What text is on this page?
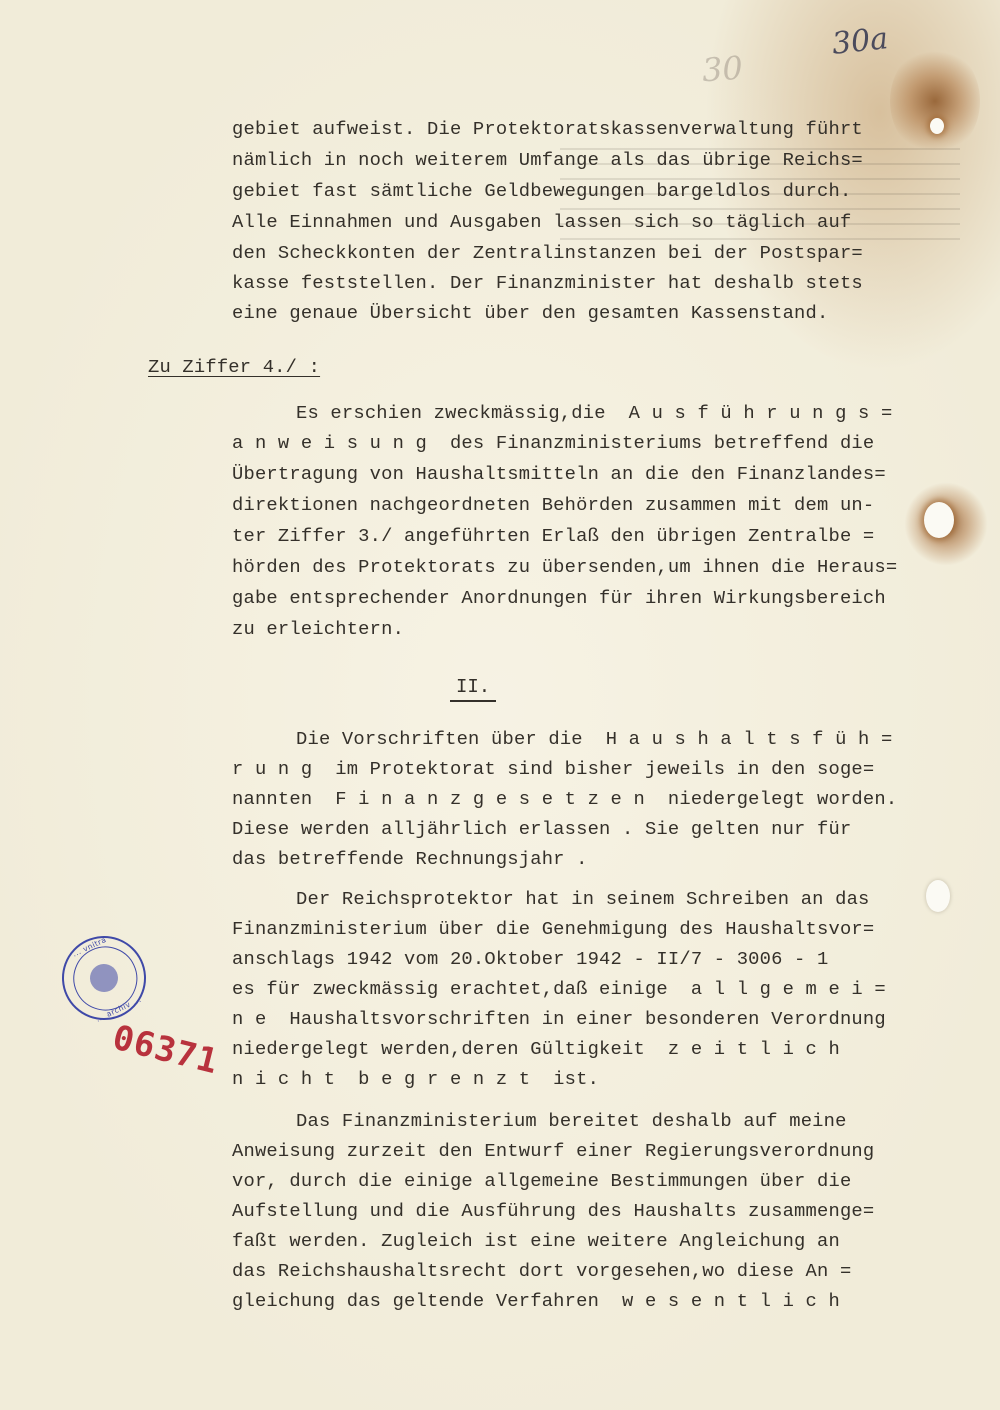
30a
30
gebiet aufweist. Die Protektoratskassenverwaltung führt
nämlich in noch weiterem Umfange als das übrige Reichs=
gebiet fast sämtliche Geldbewegungen bargeldlos durch.
Alle Einnahmen und Ausgaben lassen sich so täglich auf
den Scheckkonten der Zentralinstanzen bei der Postspar=
kasse feststellen. Der Finanzminister hat deshalb stets
eine genaue Übersicht über den gesamten Kassenstand.
Zu Ziffer 4./ :
Es erschien zweckmässig,die  A u s f ü h r u n g s =
a n w e i s u n g  des Finanzministeriums betreffend die
Übertragung von Haushaltsmitteln an die den Finanzlandes=
direktionen nachgeordneten Behörden zusammen mit dem un-
ter Ziffer 3./ angeführten Erlaß den übrigen Zentralbe =
hörden des Protektorats zu übersenden,um ihnen die Heraus=
gabe entsprechender Anordnungen für ihren Wirkungsbereich
zu erleichtern.
II.
Die Vorschriften über die  H a u s h a l t s f ü h =
r u n g  im Protektorat sind bisher jeweils in den soge=
nannten  F i n a n z g e s e t z e n  niedergelegt worden.
Diese werden alljährlich erlassen . Sie gelten nur für
das betreffende Rechnungsjahr .
Der Reichsprotektor hat in seinem Schreiben an das
Finanzministerium über die Genehmigung des Haushaltsvor=
anschlags 1942 vom 20.Oktober 1942 - II/7 - 3006 - 1
es für zweckmässig erachtet,daß einige  a l l g e m e i =
n e  Haushaltsvorschriften in einer besonderen Verordnung
niedergelegt werden,deren Gültigkeit  z e i t l i c h
n i c h t  b e g r e n z t  ist.
Das Finanzministerium bereitet deshalb auf meine
Anweisung zurzeit den Entwurf einer Regierungsverordnung
vor, durch die einige allgemeine Bestimmungen über die
Aufstellung und die Ausführung des Haushalts zusammenge=
faßt werden. Zugleich ist eine weitere Angleichung an
das Reichshaushaltsrecht dort vorgesehen,wo diese An =
gleichung das geltende Verfahren  w e s e n t l i c h
... vnitra
... archiv ...
06371
